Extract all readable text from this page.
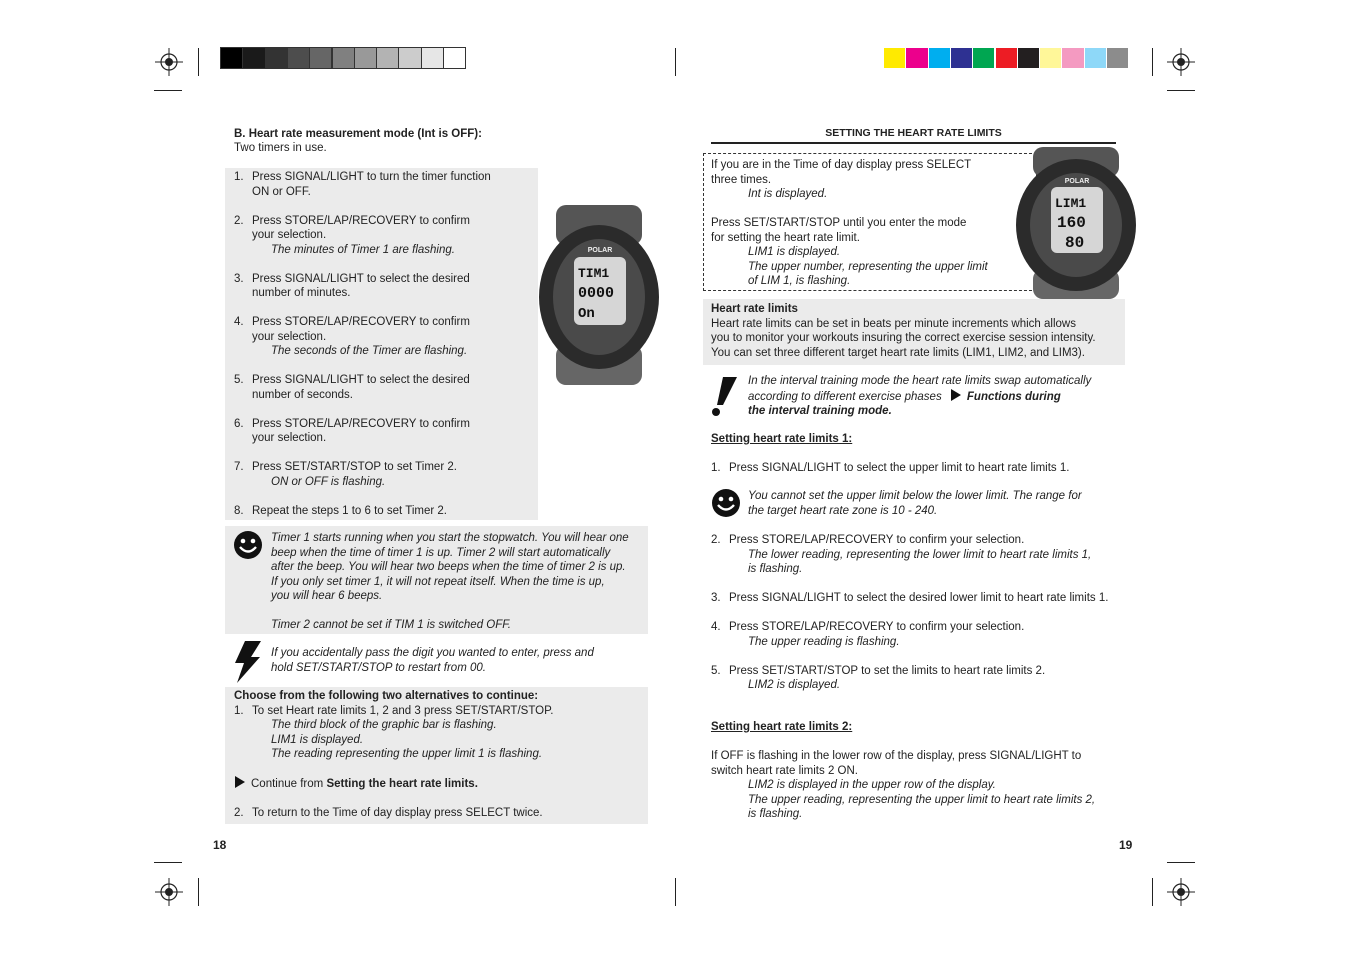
B. Heart rate measurement mode (Int is OFF):
Two timers in use.
1. Press SIGNAL/LIGHT to turn the timer function
ON or OFF.
2. Press STORE/LAP/RECOVERY to confirm
your selection.
The minutes of Timer 1 are flashing.
3. Press SIGNAL/LIGHT to select the desired
number of minutes.
4. Press STORE/LAP/RECOVERY to confirm
your selection.
The seconds of the Timer are flashing.
5. Press SIGNAL/LIGHT to select the desired
number of seconds.
6. Press STORE/LAP/RECOVERY to confirm
your selection.
7. Press SET/START/STOP to set Timer 2.
ON or OFF is flashing.
8. Repeat the steps 1 to 6 to set Timer 2.
POLAR
TIM1
0000
On
Timer 1 starts running when you start the stopwatch. You will hear one
beep when the time of timer 1 is up. Timer 2 will start automatically
after the beep. You will hear two beeps when the time of timer 2 is up.
If you only set timer 1, it will not repeat itself. When the time is up,
you will hear 6 beeps.
Timer 2 cannot be set if TIM 1 is switched OFF.
If you accidentally pass the digit you wanted to enter, press and
hold SET/START/STOP to restart from 00.
Choose from the following two alternatives to continue:
1. To set Heart rate limits 1, 2 and 3 press SET/START/STOP.
The third block of the graphic bar is flashing.
LIM1 is displayed.
The reading representing the upper limit 1 is flashing.
Continue from Setting the heart rate limits.
2. To return to the Time of day display press SELECT twice.
18
SETTING THE HEART RATE LIMITS
If you are in the Time of day display press SELECT
three times.
Int is displayed.
Press SET/START/STOP until you enter the mode
for setting the heart rate limit.
LIM1 is displayed.
The upper number, representing the upper limit
of LIM 1, is flashing.
POLAR
LIM1
160
80
Heart rate limits
Heart rate limits can be set in beats per minute increments which allows
you to monitor your workouts insuring the correct exercise session intensity.
You can set three different target heart rate limits (LIM1, LIM2, and LIM3).
In the interval training mode the heart rate limits swap automatically
according to different exercise phases Functions during
the interval training mode.
Setting heart rate limits 1:
1. Press SIGNAL/LIGHT to select the upper limit to heart rate limits 1.
You cannot set the upper limit below the lower limit. The range for
the target heart rate zone is 10 - 240.
2. Press STORE/LAP/RECOVERY to confirm your selection.
The lower reading, representing the lower limit to heart rate limits 1,
is flashing.
3. Press SIGNAL/LIGHT to select the desired lower limit to heart rate limits 1.
4. Press STORE/LAP/RECOVERY to confirm your selection.
The upper reading is flashing.
5. Press SET/START/STOP to set the limits to heart rate limits 2.
LIM2 is displayed.
Setting heart rate limits 2:
If OFF is flashing in the lower row of the display, press SIGNAL/LIGHT to
switch heart rate limits 2 ON.
LIM2 is displayed in the upper row of the display.
The upper reading, representing the upper limit to heart rate limits 2,
is flashing.
19
